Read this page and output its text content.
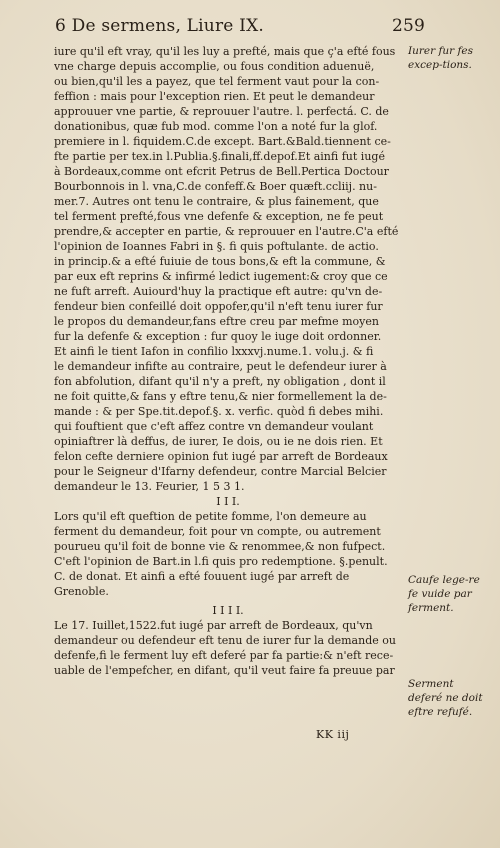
6 De sermens, Liure IX.	259
iure qu'il eft vray, qu'il les luy a prefté, mais que ç'a efté fous
vne charge depuis accomplie, ou fous condition aduenuë,
ou bien,qu'il les a payez, que tel ferment vaut pour la con-
feffion : mais pour l'exception rien. Et peut le demandeur
approuuer vne partie, & reprouuer l'autre. l. perfectá. C. de
donationibus, quæ fub mod. comme l'on a noté fur la glof.
premiere in l. fiquidem.C.de except. Bart.&Bald.tiennent ce-
fte partie per tex.in l.Publia.§.finali,ff.depof.Et ainfi fut iugé
à Bordeaux,comme ont efcrit Petrus de Bell.Pertica Doctour
Bourbonnois in l. vna,C.de confeff.& Boer quæft.ccliij. nu-
mer.7. Autres ont tenu le contraire, & plus fainement, que
tel ferment prefté,fous vne defenfe & exception, ne fe peut
prendre,& accepter en partie, & reprouuer en l'autre.C'a efté
l'opinion de Ioannes Fabri in §. fi quis poftulante. de actio.
in princip.& a efté fuiuie de tous bons,& eft la commune, &
par eux eft reprins & infirmé ledict iugement:& croy que ce
ne fuft arreft. Auiourd'huy la practique eft autre: qu'vn de-
fendeur bien confeillé doit oppofer,qu'il n'eft tenu iurer fur
le propos du demandeur,fans eftre creu par mefme moyen
fur la defenfe & exception : fur quoy le iuge doit ordonner.
Et ainfi le tient Iafon in confilio lxxxvj.nume.1. volu.j. & fi
le demandeur infifte au contraire, peut le defendeur iurer à
fon abfolution, difant qu'il n'y a preft, ny obligation , dont il
ne foit quitte,& fans y eftre tenu,& nier formellement la de-
mande : & per Spe.tit.depof.§. x. verfic. quòd fi debes mihi.
qui fouftient que c'eft affez contre vn demandeur voulant
opiniaftrer là deffus, de iurer, Ie dois, ou ie ne dois rien. Et
felon cefte derniere opinion fut iugé par arreft de Bordeaux
pour le Seigneur d'Ifarny defendeur, contre Marcial Belcier
demandeur le 13. Feurier, 1 5 3 1.
I I I.
Lors qu'il eft queftion de petite fomme, l'on demeure au
ferment du demandeur, foit pour vn compte, ou autrement
pourueu qu'il foit de bonne vie & renommee,& non fufpect.
C'eft l'opinion de Bart.in l.fi quis pro redemptione. §.penult.
C. de donat. Et ainfi a efté fouuent iugé par arreft de
Grenoble.
I I I I.
Le 17. Iuillet,1522.fut iugé par arreft de Bordeaux, qu'vn
demandeur ou defendeur eft tenu de iurer fur la demande ou
defenfe,fi le ferment luy eft deferé par fa partie:& n'eft rece-
uable de l'empefcher, en difant, qu'il veut faire fa preuue par
Iurer fur fes excep-tions.
Caufe lege-re fe vuide par ferment.
Serment deferé ne doit eftre refufé.
KK iij
